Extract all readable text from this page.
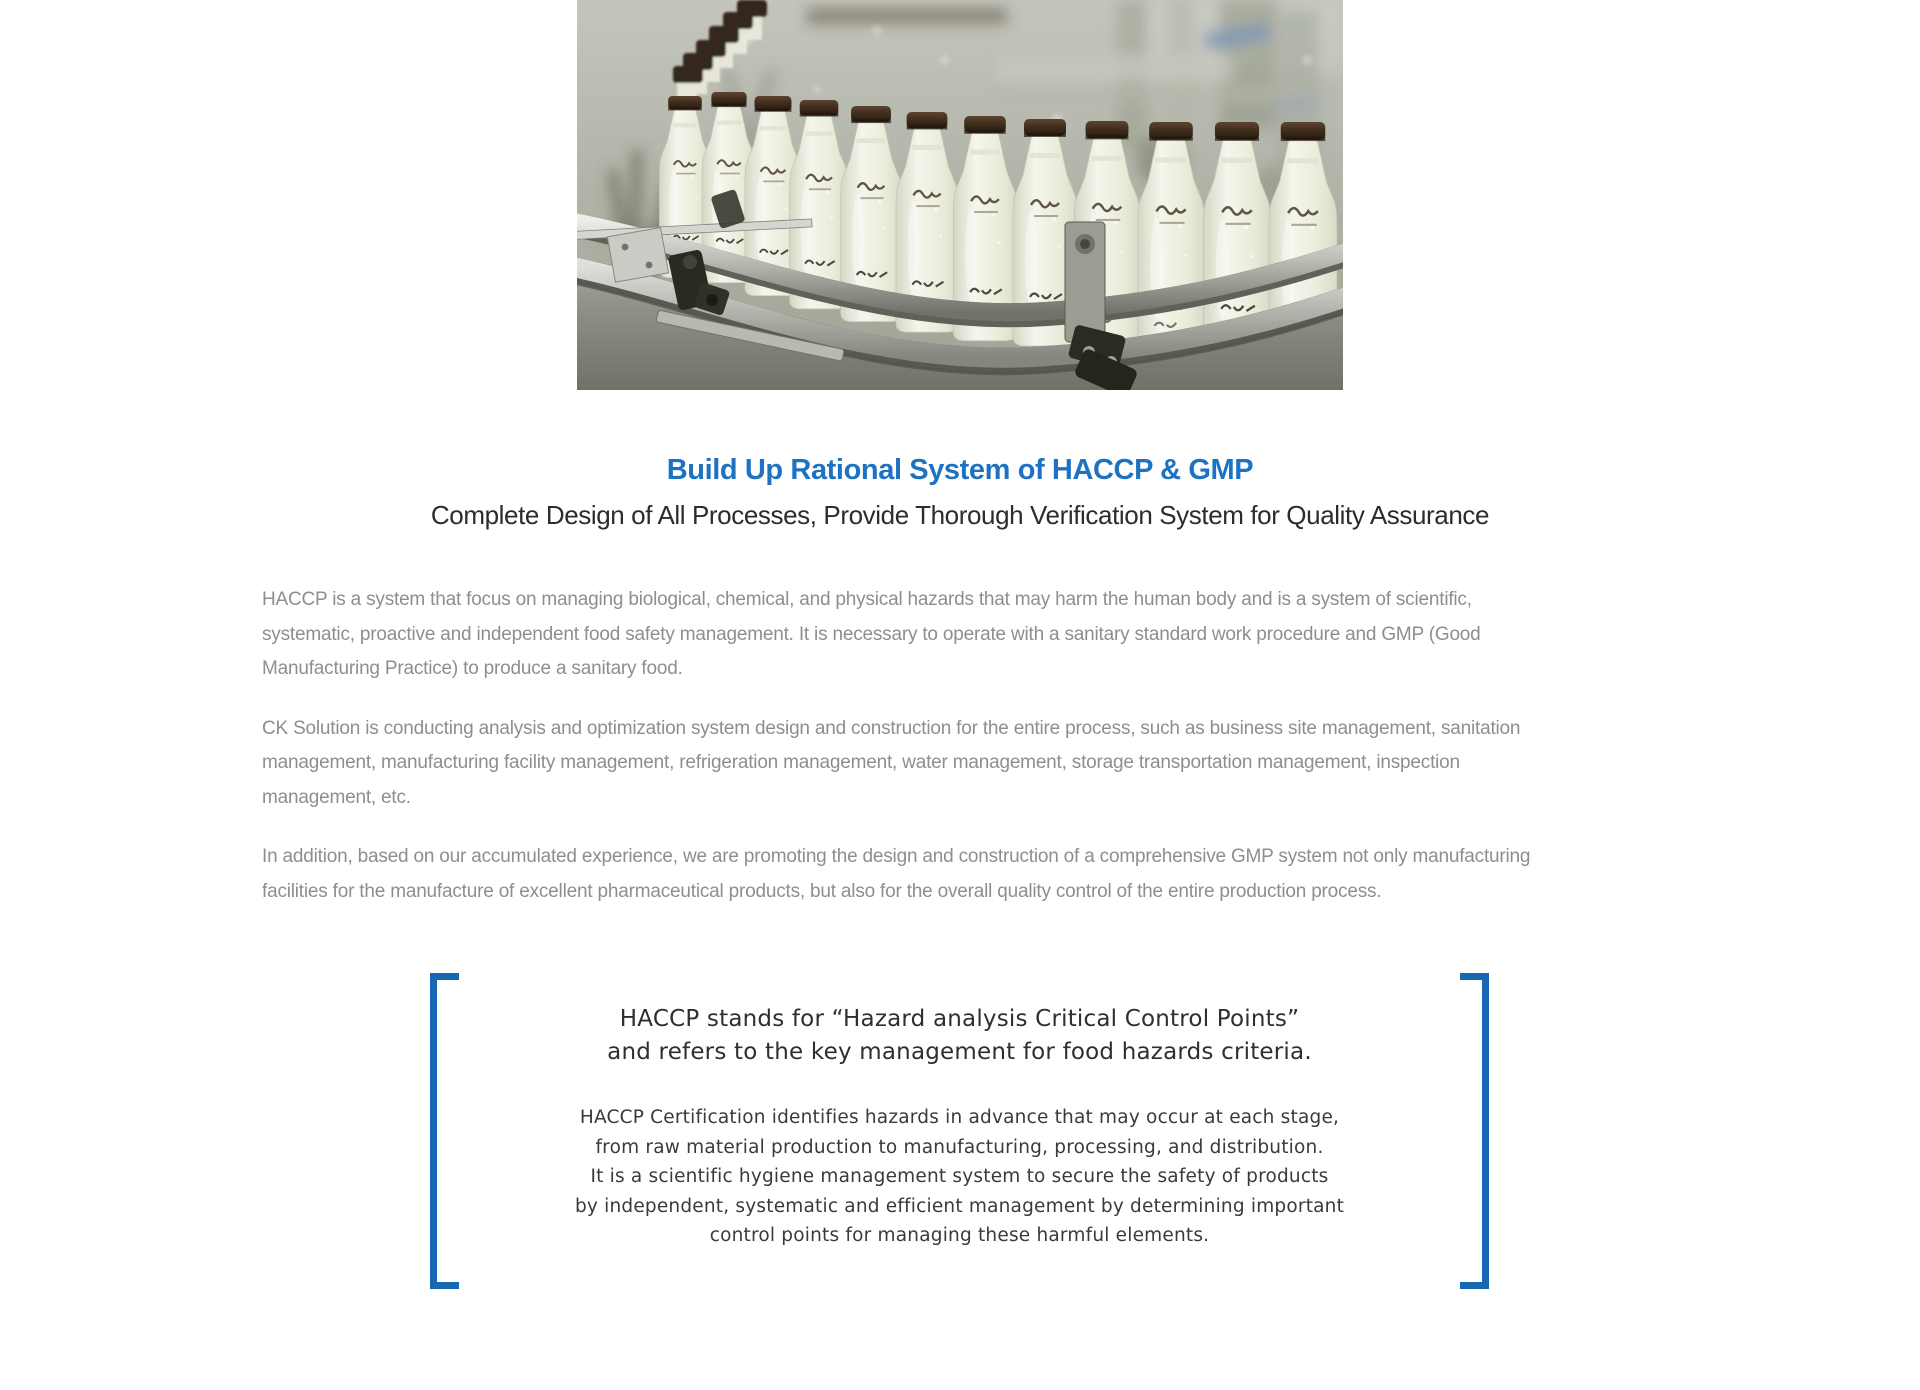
Build Up Rational System of HACCP & GMP
Complete Design of All Processes, Provide Thorough Verification System for Quality Assurance
HACCP is a system that focus on managing biological, chemical, and physical hazards that may harm the human body and is a system of scientific,
systematic, proactive and independent food safety management. It is necessary to operate with a sanitary standard work procedure and GMP (Good
Manufacturing Practice) to produce a sanitary food.
CK Solution is conducting analysis and optimization system design and construction for the entire process, such as business site management, sanitation
management, manufacturing facility management, refrigeration management, water management, storage transportation management, inspection
management, etc.
In addition, based on our accumulated experience, we are promoting the design and construction of a comprehensive GMP system not only manufacturing
facilities for the manufacture of excellent pharmaceutical products, but also for the overall quality control of the entire production process.
HACCP stands for “Hazard analysis Critical Control Points”
and refers to the key management for food hazards criteria.
HACCP Certification identifies hazards in advance that may occur at each stage,
from raw material production to manufacturing, processing, and distribution.
It is a scientific hygiene management system to secure the safety of products
by independent, systematic and efficient management by determining important
control points for managing these harmful elements.
